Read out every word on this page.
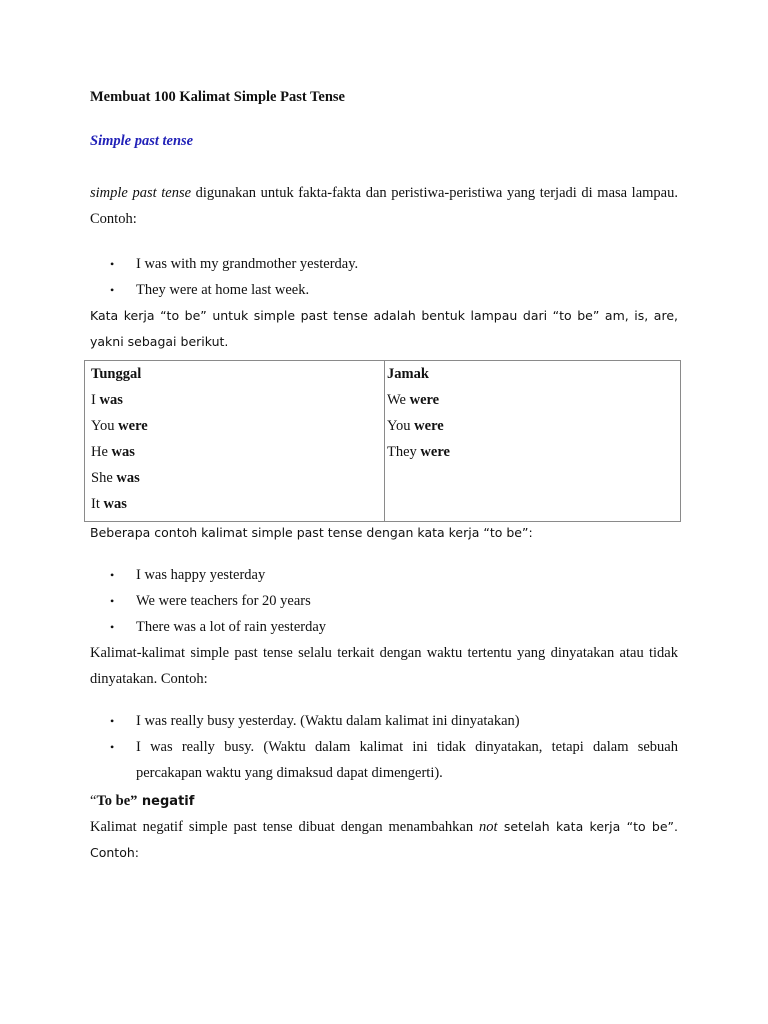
Membuat 100 Kalimat Simple Past Tense
Simple past tense
simple past tense digunakan untuk fakta-fakta dan peristiwa-peristiwa yang terjadi di masa lampau. Contoh:
• I was with my grandmother yesterday.
• They were at home last week.
Kata kerja “to be” untuk simple past tense adalah bentuk lampau dari “to be” am, is, are, yakni sebagai berikut.
Tunggal
I was
You were
He was
She was
It was
Jamak
We were
You were
They were
Beberapa contoh kalimat simple past tense dengan kata kerja “to be”:
• I was happy yesterday
• We were teachers for 20 years
• There was a lot of rain yesterday
Kalimat-kalimat simple past tense selalu terkait dengan waktu tertentu yang dinyatakan atau tidak dinyatakan. Contoh:
• I was really busy yesterday. (Waktu dalam kalimat ini dinyatakan)
• I was really busy. (Waktu dalam kalimat ini tidak dinyatakan, tetapi dalam sebuah percakapan waktu yang dimaksud dapat dimengerti).
“To be” negatif
Kalimat negatif simple past tense dibuat dengan menambahkan not setelah kata kerja “to be”. Contoh:
